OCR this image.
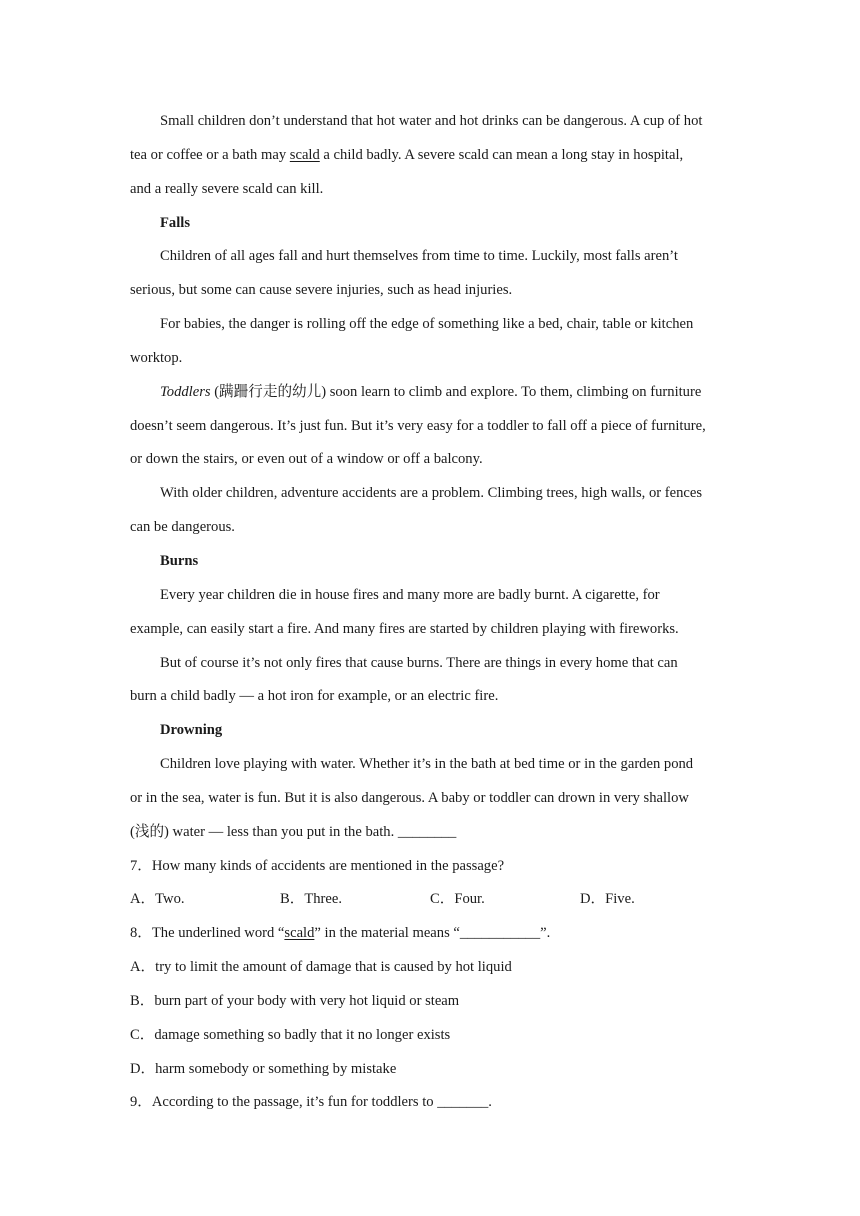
Small children don’t understand that hot water and hot drinks can be dangerous. A cup of hot
tea or coffee or a bath may scald a child badly. A severe scald can mean a long stay in hospital,
and a really severe scald can kill.
Falls
Children of all ages fall and hurt themselves from time to time. Luckily, most falls aren’t
serious, but some can cause severe injuries, such as head injuries.
For babies, the danger is rolling off the edge of something like a bed, chair, table or kitchen
worktop.
Toddlers (蹒跚行走的幼儿) soon learn to climb and explore. To them, climbing on furniture
doesn’t seem dangerous. It’s just fun. But it’s very easy for a toddler to fall off a piece of furniture,
or down the stairs, or even out of a window or off a balcony.
With older children, adventure accidents are a problem. Climbing trees, high walls, or fences
can be dangerous.
Burns
Every year children die in house fires and many more are badly burnt. A cigarette, for
example, can easily start a fire. And many fires are started by children playing with fireworks.
But of course it’s not only fires that cause burns. There are things in every home that can
burn a child badly — a hot iron for example, or an electric fire.
Drowning
Children love playing with water. Whether it’s in the bath at bed time or in the garden pond
or in the sea, water is fun. But it is also dangerous. A baby or toddler can drown in very shallow
(浅的) water — less than you put in the bath. ________
7．How many kinds of accidents are mentioned in the passage?
A．Two.	B．Three.	C．Four.	D．Five.
8．The underlined word “scald” in the material means “___________”.
A．try to limit the amount of damage that is caused by hot liquid
B．burn part of your body with very hot liquid or steam
C．damage something so badly that it no longer exists
D．harm somebody or something by mistake
9．According to the passage, it’s fun for toddlers to _______.
